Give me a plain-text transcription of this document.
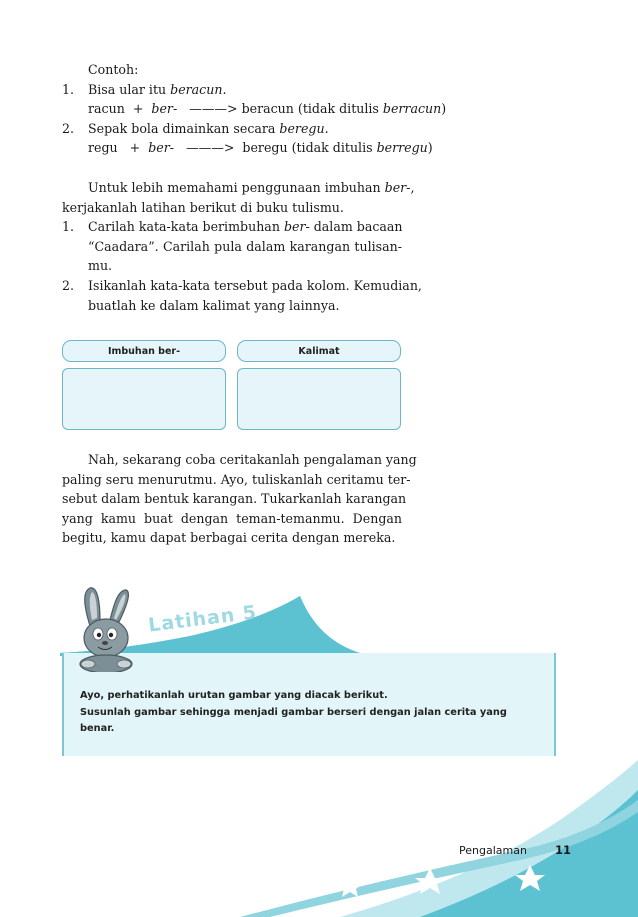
Contoh:
1. Bisa ular itu beracun.
racun + ber- ———> beracun (tidak ditulis berracun)
2. Sepak bola dimainkan secara beregu.
regu + ber- ———> beregu (tidak ditulis berregu)
Untuk lebih memahami penggunaan imbuhan ber-,
kerjakanlah latihan berikut di buku tulismu.
1. Carilah kata-kata berimbuhan ber- dalam bacaan
“Caadara”. Carilah pula dalam karangan tulisan-
mu.
2. Isikanlah kata-kata tersebut pada kolom. Kemudian,
buatlah ke dalam kalimat yang lainnya.
Imbuhan ber-	Kalimat
Nah, sekarang coba ceritakanlah pengalaman yang
paling seru menurutmu. Ayo, tuliskanlah ceritamu ter-
sebut dalam bentuk karangan. Tukarkanlah karangan
yang kamu buat dengan teman-temanmu. Dengan
begitu, kamu dapat berbagai cerita dengan mereka.
Latihan 5
Ayo, perhatikanlah urutan gambar yang diacak berikut.
Susunlah gambar sehingga menjadi gambar berseri dengan jalan cerita yang
benar.
Pengalaman 11
